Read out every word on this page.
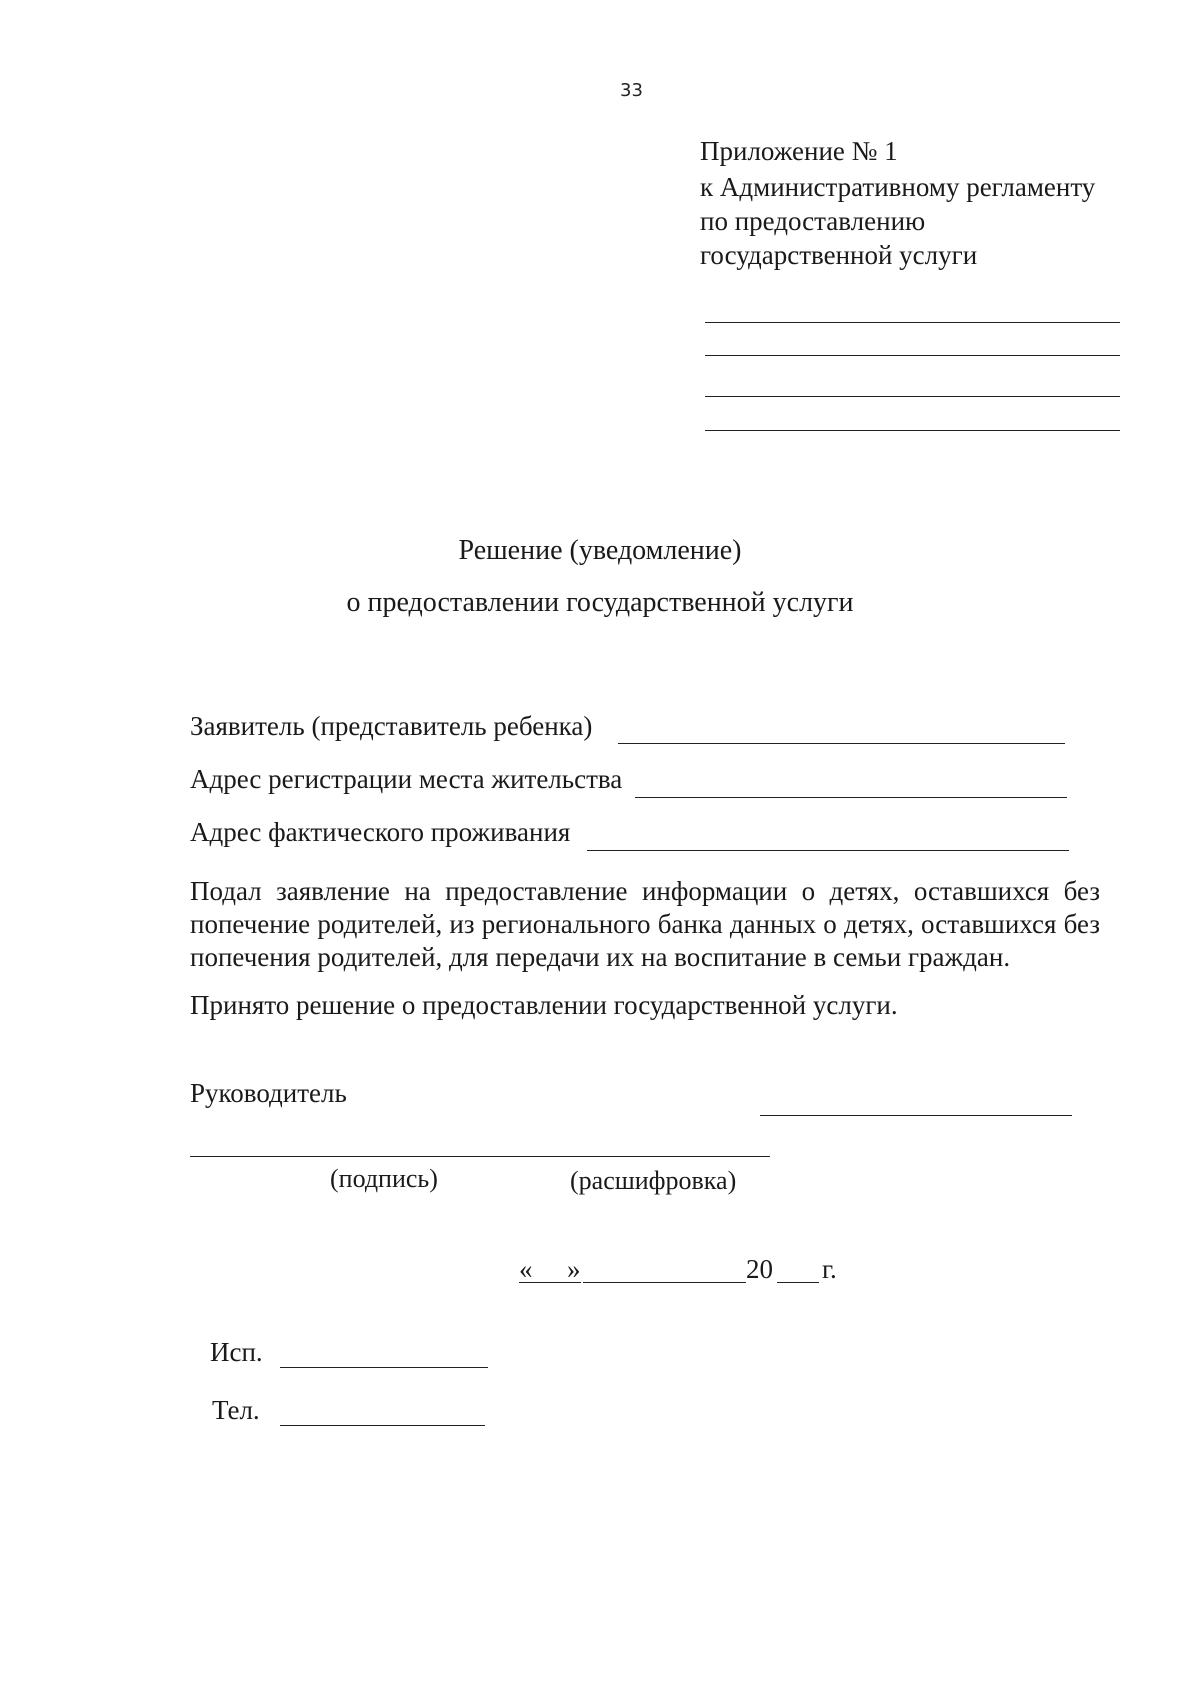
33
Приложение № 1
к Административному регламенту
по предоставлению
государственной услуги
Решение (уведомление)
о предоставлении государственной услуги
Заявитель (представитель ребенка)
Адрес регистрации места жительства
Адрес фактического проживания
Подал заявление на предоставление информации о детях, оставшихся без попечение родителей, из регионального банка данных о детях, оставшихся без попечения родителей, для передачи их на воспитание в семьи граждан.
Принято решение о предоставлении государственной услуги.
Руководитель
(подпись)	(расшифровка)
« »	20 г.
Исп.
Тел.
